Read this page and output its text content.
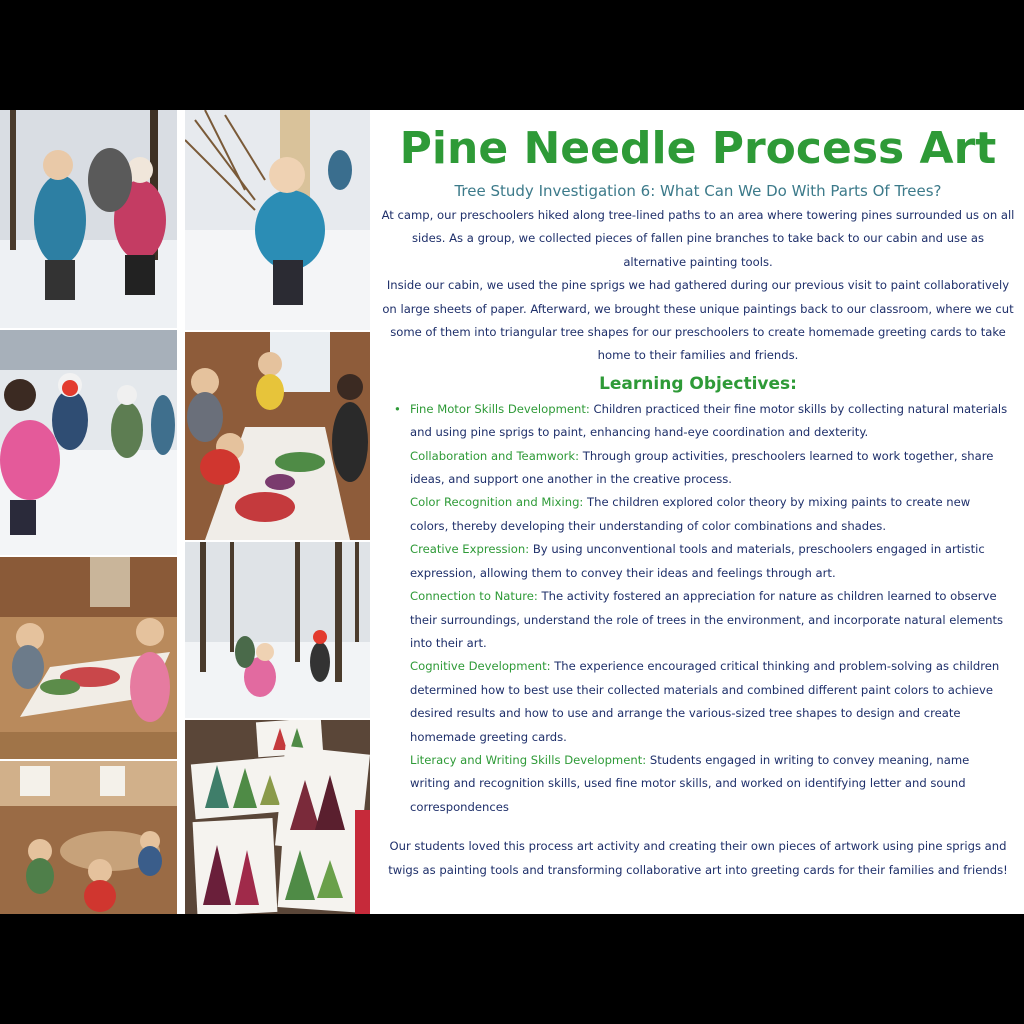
Pine Needle Process Art

Tree Study Investigation 6: What Can We Do With Parts Of Trees?

At camp, our preschoolers hiked along tree-lined paths to an area where towering pines surrounded us on all sides. As a group, we collected pieces of fallen pine branches to take back to our cabin and use as alternative painting tools.

Inside our cabin, we used the pine sprigs we had gathered during our previous visit to paint collaboratively on large sheets of paper. Afterward, we brought these unique paintings back to our classroom, where we cut some of them into triangular tree shapes for our preschoolers to create homemade greeting cards to take home to their families and friends.

Learning Objectives:
• Fine Motor Skills Development: Children practiced their fine motor skills by collecting natural materials and using pine sprigs to paint, enhancing hand-eye coordination and dexterity.
Collaboration and Teamwork: Through group activities, preschoolers learned to work together, share ideas, and support one another in the creative process.
Color Recognition and Mixing: The children explored color theory by mixing paints to create new colors, thereby developing their understanding of color combinations and shades.
Creative Expression: By using unconventional tools and materials, preschoolers engaged in artistic expression, allowing them to convey their ideas and feelings through art.
Connection to Nature: The activity fostered an appreciation for nature as children learned to observe their surroundings, understand the role of trees in the environment, and incorporate natural elements into their art.
Cognitive Development: The experience encouraged critical thinking and problem-solving as children determined how to best use their collected materials and combined different paint colors to achieve desired results and how to use and arrange the various-sized tree shapes to design and create homemade greeting cards.
Literacy and Writing Skills Development: Students engaged in writing to convey meaning, name writing and recognition skills, used fine motor skills, and worked on identifying letter and sound correspondences

Our students loved this process art activity and creating their own pieces of artwork using pine sprigs and twigs as painting tools and transforming collaborative art into greeting cards for their families and friends!
